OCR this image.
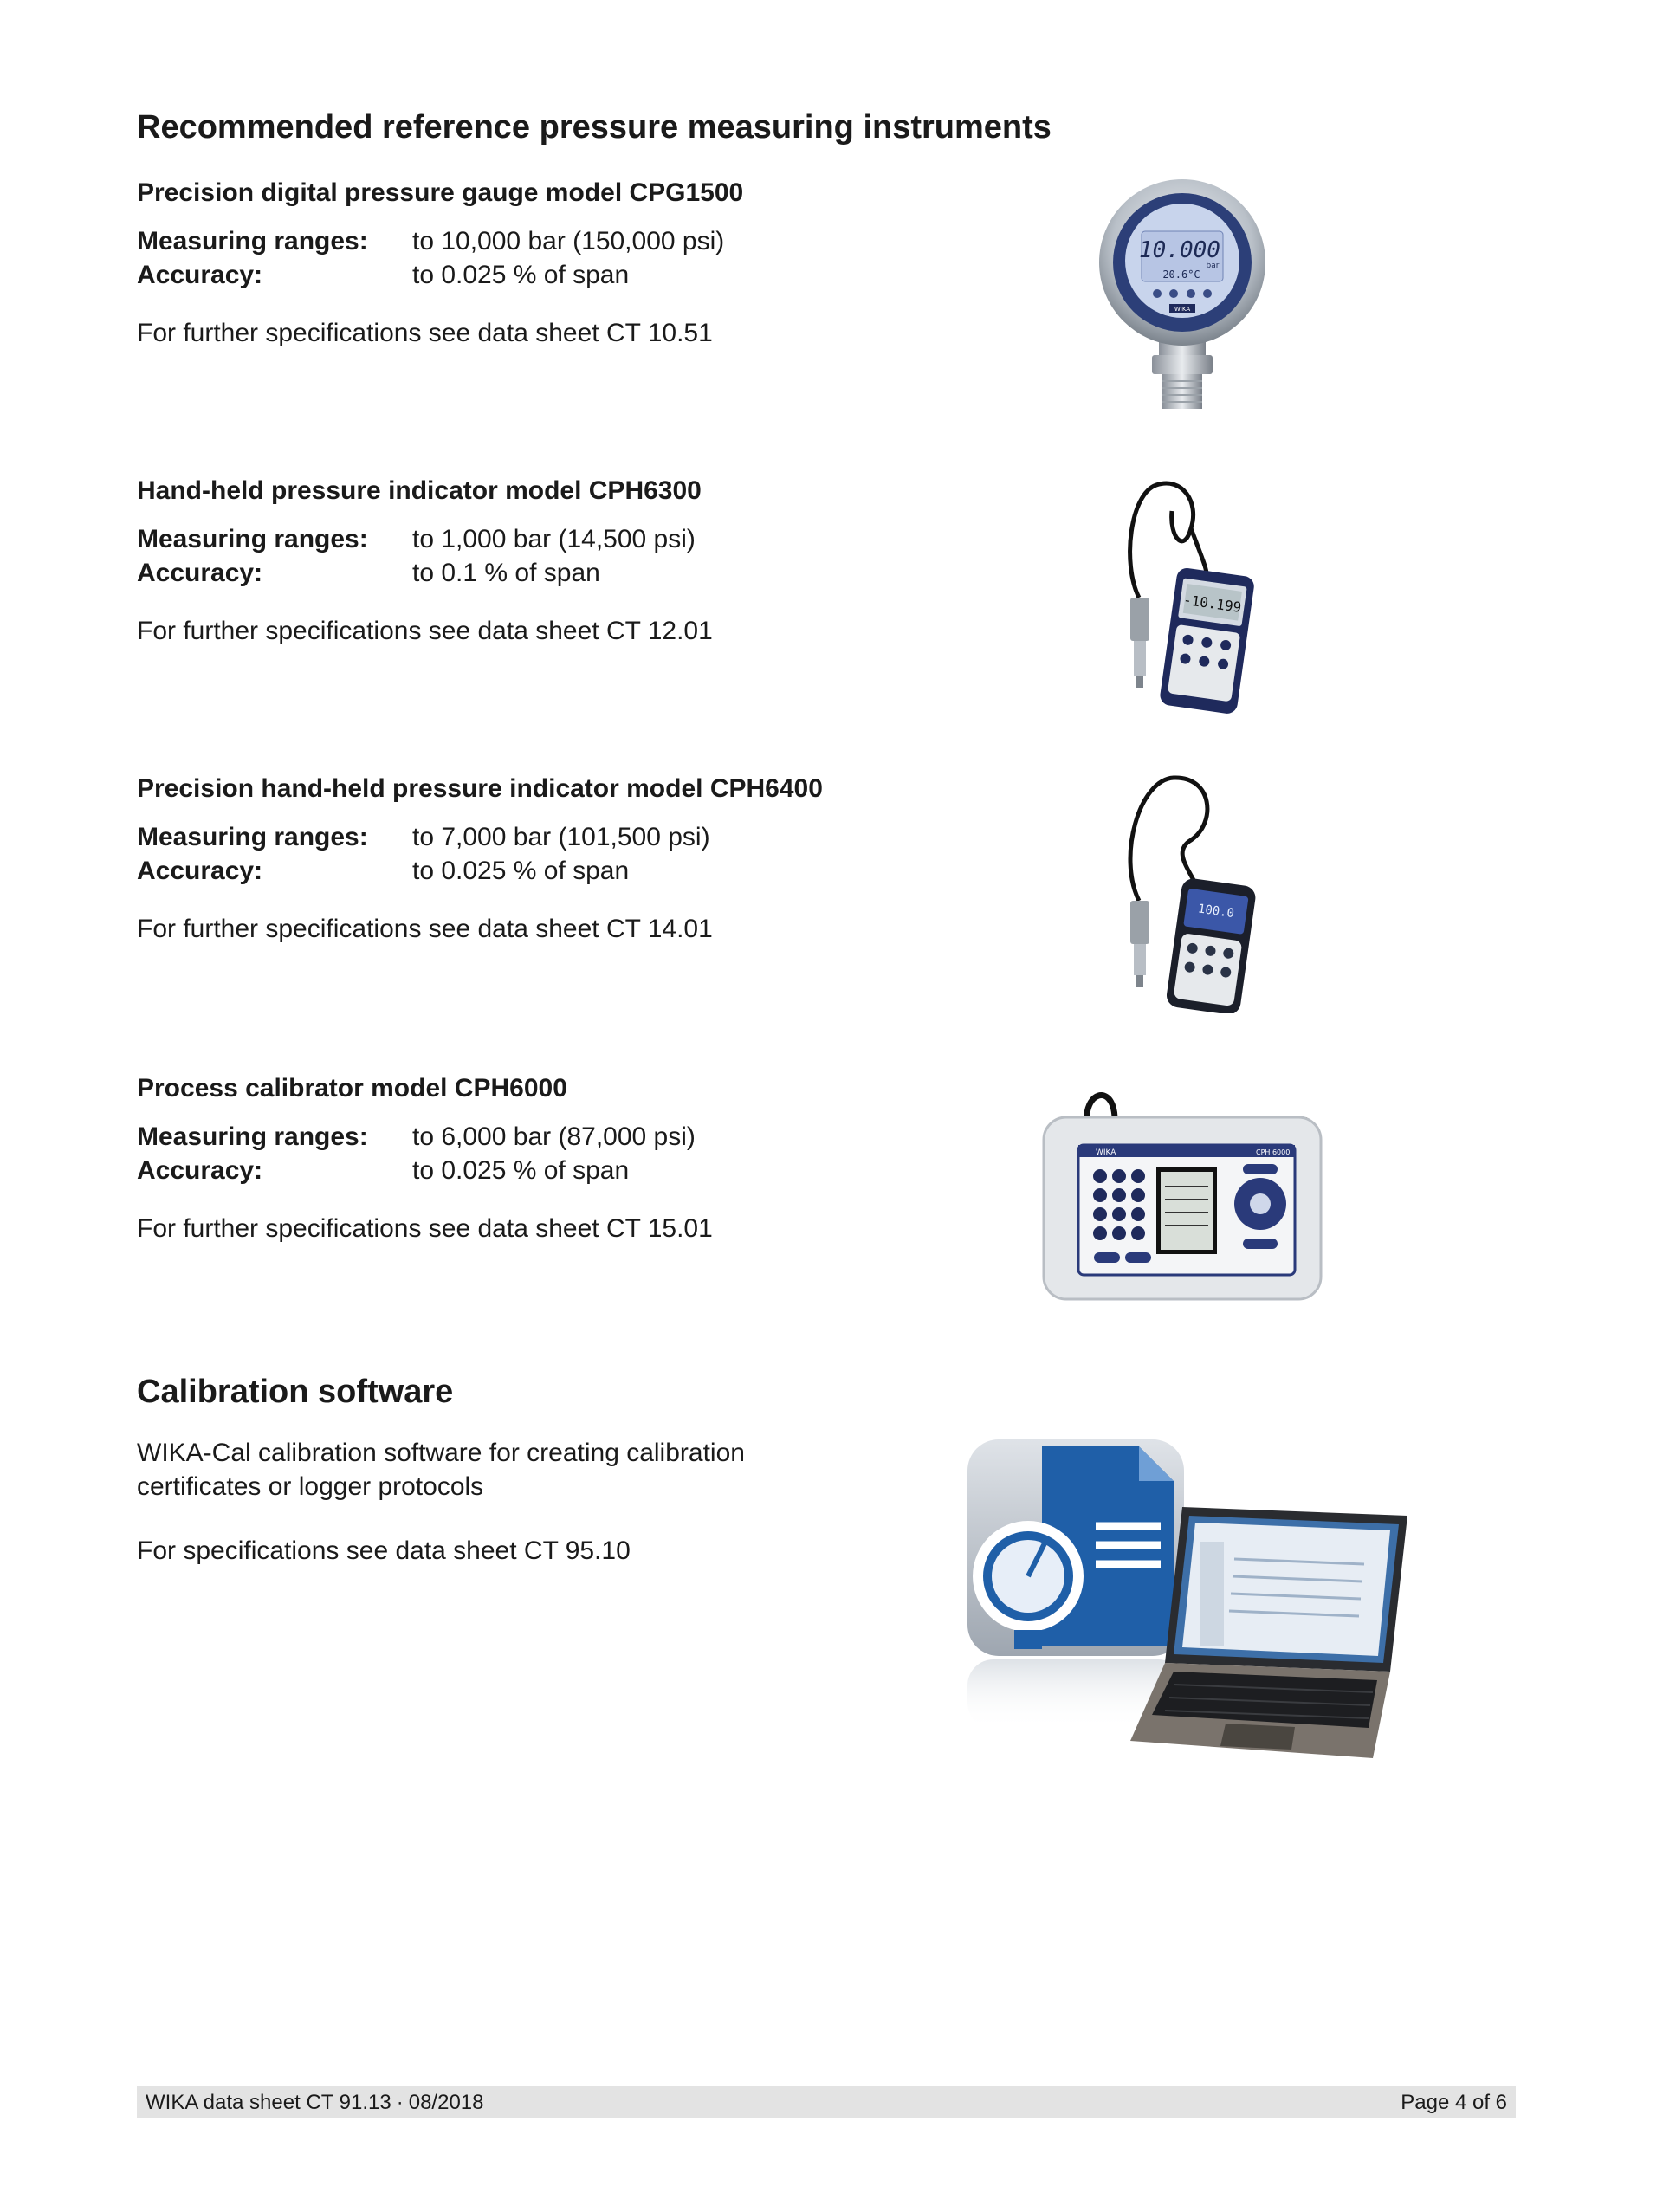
Recommended reference pressure measuring instruments
Precision digital pressure gauge model CPG1500
Measuring ranges: to 10,000 bar (150,000 psi)
Accuracy:	to 0.025 % of span
For further specifications see data sheet CT 10.51
10.000
bar
20.6°C
WIKA
Hand-held pressure indicator model CPH6300
Measuring ranges: to 1,000 bar (14,500 psi)
Accuracy:	to 0.1 % of span
For further specifications see data sheet CT 12.01
-10.199
Precision hand-held pressure indicator model CPH6400
Measuring ranges: to 7,000 bar (101,500 psi)
Accuracy:	to 0.025 % of span
For further specifications see data sheet CT 14.01
100.0
Process calibrator model CPH6000
Measuring ranges: to 6,000 bar (87,000 psi)
Accuracy:	to 0.025 % of span
For further specifications see data sheet CT 15.01
WIKA	CPH 6000
Calibration software
WIKA-Cal calibration software for creating calibration certificates or logger protocols
For specifications see data sheet CT 95.10
WIKA data sheet CT 91.13 ∙ 08/2018	Page 4 of 6
